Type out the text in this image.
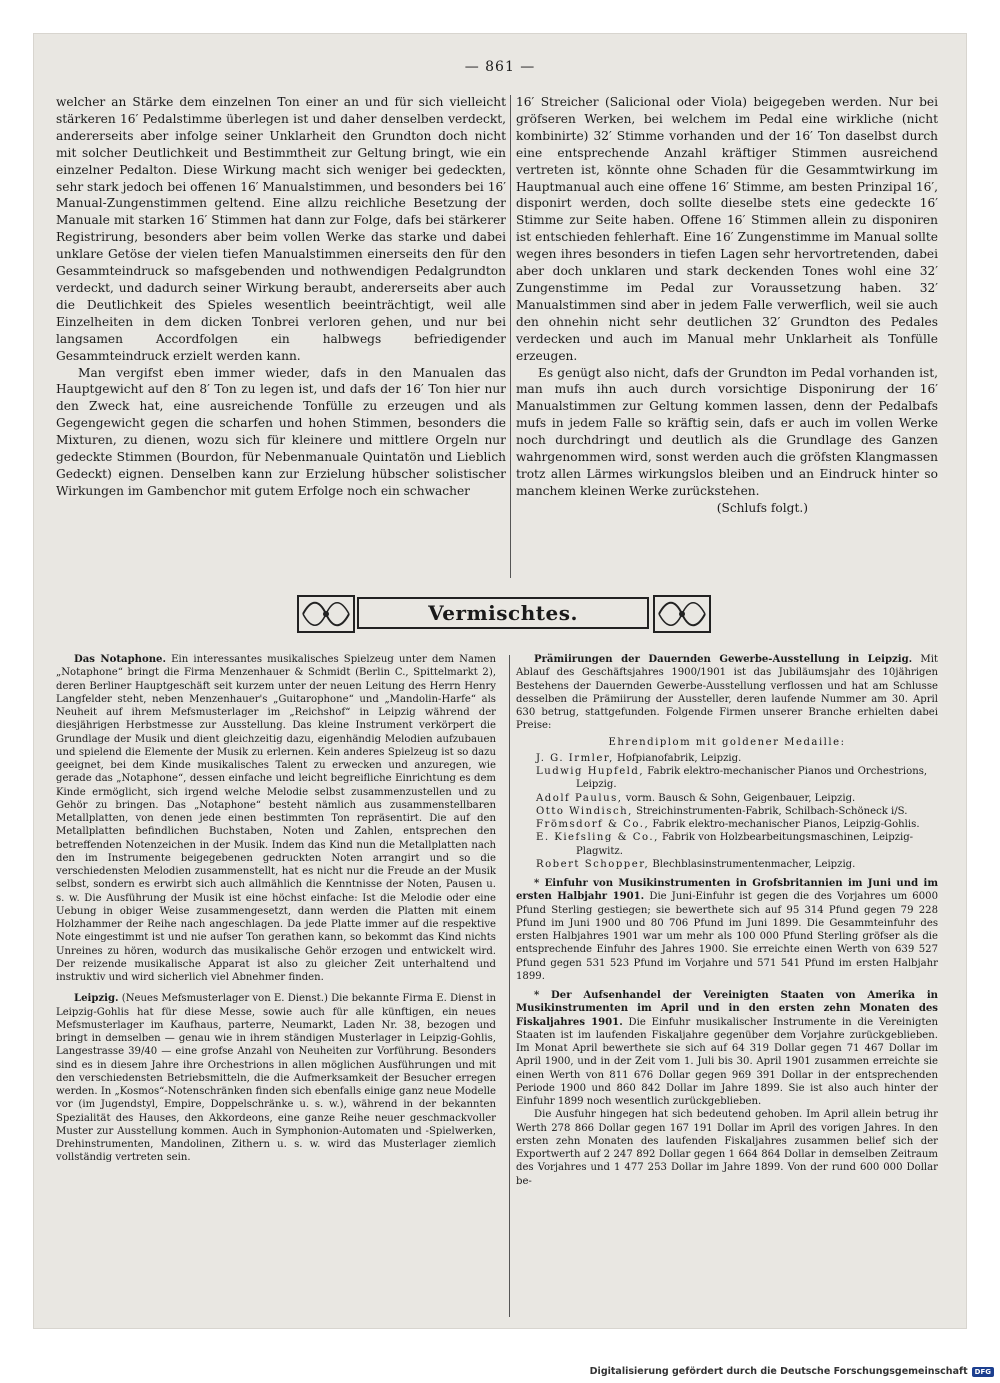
— 861 —

welcher an Stärke dem einzelnen Ton einer an und für sich vielleicht stärkeren 16′ Pedalstimme überlegen ist und daher denselben verdeckt, andererseits aber infolge seiner Unklarheit den Grundton doch nicht mit solcher Deutlichkeit und Bestimmtheit zur Geltung bringt, wie ein einzelner Pedalton. Diese Wirkung macht sich weniger bei gedeckten, sehr stark jedoch bei offenen 16′ Manualstimmen, und besonders bei 16′ Manual-Zungenstimmen geltend. Eine allzu reichliche Besetzung der Manuale mit starken 16′ Stimmen hat dann zur Folge, dafs bei stärkerer Registrirung, besonders aber beim vollen Werke das starke und dabei unklare Getöse der vielen tiefen Manualstimmen einerseits den für den Gesammteindruck so mafsgebenden und nothwendigen Pedalgrundton verdeckt, und dadurch seiner Wirkung beraubt, andererseits aber auch die Deutlichkeit des Spieles wesentlich beeinträchtigt, weil alle Einzelheiten in dem dicken Tonbrei verloren gehen, und nur bei langsamen Accordfolgen ein halbwegs befriedigender Gesammteindruck erzielt werden kann.

Man vergifst eben immer wieder, dafs in den Manualen das Hauptgewicht auf den 8′ Ton zu legen ist, und dafs der 16′ Ton hier nur den Zweck hat, eine ausreichende Tonfülle zu erzeugen und als Gegengewicht gegen die scharfen und hohen Stimmen, besonders die Mixturen, zu dienen, wozu sich für kleinere und mittlere Orgeln nur gedeckte Stimmen (Bourdon, für Nebenmanuale Quintatön und Lieblich Gedeckt) eignen. Denselben kann zur Erzielung hübscher solistischer Wirkungen im Gambenchor mit gutem Erfolge noch ein schwacher

16′ Streicher (Salicional oder Viola) beigegeben werden. Nur bei gröfseren Werken, bei welchem im Pedal eine wirkliche (nicht kombinirte) 32′ Stimme vorhanden und der 16′ Ton daselbst durch eine entsprechende Anzahl kräftiger Stimmen ausreichend vertreten ist, könnte ohne Schaden für die Gesammtwirkung im Hauptmanual auch eine offene 16′ Stimme, am besten Prinzipal 16′, disponirt werden, doch sollte dieselbe stets eine gedeckte 16′ Stimme zur Seite haben. Offene 16′ Stimmen allein zu disponiren ist entschieden fehlerhaft. Eine 16′ Zungenstimme im Manual sollte wegen ihres besonders in tiefen Lagen sehr hervortretenden, dabei aber doch unklaren und stark deckenden Tones wohl eine 32′ Zungenstimme im Pedal zur Voraussetzung haben. 32′ Manualstimmen sind aber in jedem Falle verwerflich, weil sie auch den ohnehin nicht sehr deutlichen 32′ Grundton des Pedales verdecken und auch im Manual mehr Unklarheit als Tonfülle erzeugen.

Es genügt also nicht, dafs der Grundton im Pedal vorhanden ist, man mufs ihn auch durch vorsichtige Disponirung der 16′ Manualstimmen zur Geltung kommen lassen, denn der Pedalbafs mufs in jedem Falle so kräftig sein, dafs er auch im vollen Werke noch durchdringt und deutlich als die Grundlage des Ganzen wahrgenommen wird, sonst werden auch die gröfsten Klangmassen trotz allen Lärmes wirkungslos bleiben und an Eindruck hinter so manchem kleinen Werke zurückstehen.

(Schlufs folgt.)

Vermischtes.

Das Notaphone. Ein interessantes musikalisches Spielzeug unter dem Namen „Notaphone“ bringt die Firma Menzenhauer & Schmidt (Berlin C., Spittelmarkt 2), deren Berliner Hauptgeschäft seit kurzem unter der neuen Leitung des Herrn Henry Langfelder steht, neben Menzenhauer's „Guitarophone“ und „Mandolin-Harfe“ als Neuheit auf ihrem Mefsmusterlager im „Reichshof“ in Leipzig während der diesjährigen Herbstmesse zur Ausstellung. Das kleine Instrument verkörpert die Grundlage der Musik und dient gleichzeitig dazu, eigenhändig Melodien aufzubauen und spielend die Elemente der Musik zu erlernen. Kein anderes Spielzeug ist so dazu geeignet, bei dem Kinde musikalisches Talent zu erwecken und anzuregen, wie gerade das „Notaphone“, dessen einfache und leicht begreifliche Einrichtung es dem Kinde ermöglicht, sich irgend welche Melodie selbst zusammenzustellen und zu Gehör zu bringen. Das „Notaphone“ besteht nämlich aus zusammenstellbaren Metallplatten, von denen jede einen bestimmten Ton repräsentirt. Die auf den Metallplatten befindlichen Buchstaben, Noten und Zahlen, entsprechen den betreffenden Notenzeichen in der Musik. Indem das Kind nun die Metallplatten nach den im Instrumente beigegebenen gedruckten Noten arrangirt und so die verschiedensten Melodien zusammenstellt, hat es nicht nur die Freude an der Musik selbst, sondern es erwirbt sich auch allmählich die Kenntnisse der Noten, Pausen u. s. w. Die Ausführung der Musik ist eine höchst einfache: Ist die Melodie oder eine Uebung in obiger Weise zusammengesetzt, dann werden die Platten mit einem Holzhammer der Reihe nach angeschlagen. Da jede Platte immer auf die respektive Note eingestimmt ist und nie aufser Ton gerathen kann, so bekommt das Kind nichts Unreines zu hören, wodurch das musikalische Gehör erzogen und entwickelt wird. Der reizende musikalische Apparat ist also zu gleicher Zeit unterhaltend und instruktiv und wird sicherlich viel Abnehmer finden.

Leipzig. (Neues Mefsmusterlager von E. Dienst.) Die bekannte Firma E. Dienst in Leipzig-Gohlis hat für diese Messe, sowie auch für alle künftigen, ein neues Mefsmusterlager im Kaufhaus, parterre, Neumarkt, Laden Nr. 38, bezogen und bringt in demselben — genau wie in ihrem ständigen Musterlager in Leipzig-Gohlis, Langestrasse 39/40 — eine grofse Anzahl von Neuheiten zur Vorführung. Besonders sind es in diesem Jahre ihre Orchestrions in allen möglichen Ausführungen und mit den verschiedensten Betriebsmitteln, die die Aufmerksamkeit der Besucher erregen werden. In „Kosmos“-Notenschränken finden sich ebenfalls einige ganz neue Modelle vor (im Jugendstyl, Empire, Doppelschränke u. s. w.), während in der bekannten Spezialität des Hauses, den Akkordeons, eine ganze Reihe neuer geschmackvoller Muster zur Ausstellung kommen. Auch in Symphonion-Automaten und -Spielwerken, Drehinstrumenten, Mandolinen, Zithern u. s. w. wird das Musterlager ziemlich vollständig vertreten sein.

Prämiirungen der Dauernden Gewerbe-Ausstellung in Leipzig. Mit Ablauf des Geschäftsjahres 1900/1901 ist das Jubiläumsjahr des 10jährigen Bestehens der Dauernden Gewerbe-Ausstellung verflossen und hat am Schlusse desselben die Prämiirung der Aussteller, deren laufende Nummer am 30. April 630 betrug, stattgefunden. Folgende Firmen unserer Branche erhielten dabei Preise:

Ehrendiplom mit goldener Medaille:

J. G. Irmler, Hofpianofabrik, Leipzig.

Ludwig Hupfeld, Fabrik elektro-mechanischer Pianos und Orchestrions, Leipzig.

Adolf Paulus, vorm. Bausch & Sohn, Geigenbauer, Leipzig.

Otto Windisch, Streichinstrumenten-Fabrik, Schilbach-Schöneck i/S.

Frömsdorf & Co., Fabrik elektro-mechanischer Pianos, Leipzig-Gohlis.

E. Kiefsling & Co., Fabrik von Holzbearbeitungsmaschinen, Leipzig-Plagwitz.

Robert Schopper, Blechblasinstrumentenmacher, Leipzig.

* Einfuhr von Musikinstrumenten in Grofsbritannien im Juni und im ersten Halbjahr 1901. Die Juni-Einfuhr ist gegen die des Vorjahres um 6000 Pfund Sterling gestiegen; sie bewerthete sich auf 95 314 Pfund gegen 79 228 Pfund im Juni 1900 und 80 706 Pfund im Juni 1899. Die Gesammteinfuhr des ersten Halbjahres 1901 war um mehr als 100 000 Pfund Sterling gröfser als die entsprechende Einfuhr des Jahres 1900. Sie erreichte einen Werth von 639 527 Pfund gegen 531 523 Pfund im Vorjahre und 571 541 Pfund im ersten Halbjahr 1899.

* Der Aufsenhandel der Vereinigten Staaten von Amerika in Musikinstrumenten im April und in den ersten zehn Monaten des Fiskaljahres 1901. Die Einfuhr musikalischer Instrumente in die Vereinigten Staaten ist im laufenden Fiskaljahre gegenüber dem Vorjahre zurückgeblieben. Im Monat April bewerthete sie sich auf 64 319 Dollar gegen 71 467 Dollar im April 1900, und in der Zeit vom 1. Juli bis 30. April 1901 zusammen erreichte sie einen Werth von 811 676 Dollar gegen 969 391 Dollar in der entsprechenden Periode 1900 und 860 842 Dollar im Jahre 1899. Sie ist also auch hinter der Einfuhr 1899 noch wesentlich zurückgeblieben.

Die Ausfuhr hingegen hat sich bedeutend gehoben. Im April allein betrug ihr Werth 278 866 Dollar gegen 167 191 Dollar im April des vorigen Jahres. In den ersten zehn Monaten des laufenden Fiskaljahres zusammen belief sich der Exportwerth auf 2 247 892 Dollar gegen 1 664 864 Dollar in demselben Zeitraum des Vorjahres und 1 477 253 Dollar im Jahre 1899. Von der rund 600 000 Dollar be-

Digitalisierung gefördert durch die Deutsche Forschungsgemeinschaft	DFG
